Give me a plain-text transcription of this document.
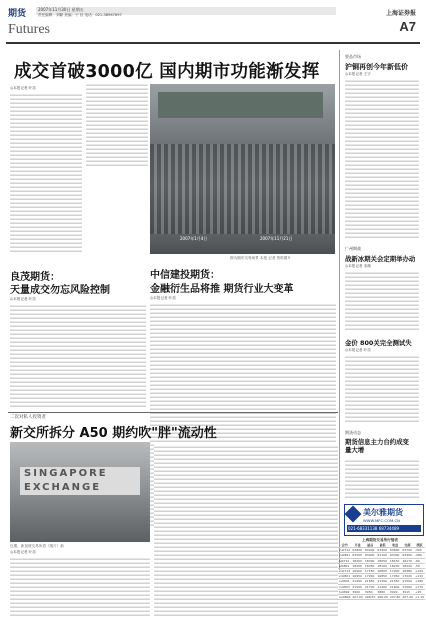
期货	2007年11月30日 星期五
责任编辑：刘颖 美编：于 佳 电话：021-38967697
Futures
上海证券报
A7
成交首破3000亿 国内期市功能渐发挥
◎本报记者 叶苗
2007年1月4日	2007年11月21日
图为期市交易场景 本报 记者 资料图片
要品市场
沪铜再创今年新低价
◎本报记者 王宇
广州期战
战新冰期关会定期举办动
◎本报记者 宋薇
金价 800关完全测试失
◎本报记者 叶苗
期货动态
期货信息主力台约成变量大增
中信建投期货：
金融衍生品将推 期货行业大变革
◎本报记者 叶苗
良茂期货：
天量成交勿忘风险控制
◎本报记者 叶苗
二次对私人投资者
新交所拆分 A50 期约吹"胖"流动性
SINGAPORE
EXCHANGE
近期，新加坡交易所将（图片）新
◎本报记者 叶苗
美尔雅期货
WWW.MFC.COM.CN
021-68331138 68734489
上海期货交易所行情表
合约	开盘	最高	最低	收盘	结算	涨跌
cu0712	63800	64200	63400	63600	63700	-300
cu0801	63500	63900	63100	63300	63400	-280
al0712	18200	18300	18050	18150	18170	-60
al0801	18250	18350	18100	18200	18220	-50
zn0712	16900	17150	16800	17000	16980	+120
zn0801	16950	17200	16850	17050	17020	+110
ru0801	21400	21650	21300	21550	21500	+180
ru0803	21500	21700	21400	21600	21560	+170
fu0802	3900	3950	3880	3920	3915	+15
au0806	207.00	208.50	206.20	207.80	207.40	+1.10
